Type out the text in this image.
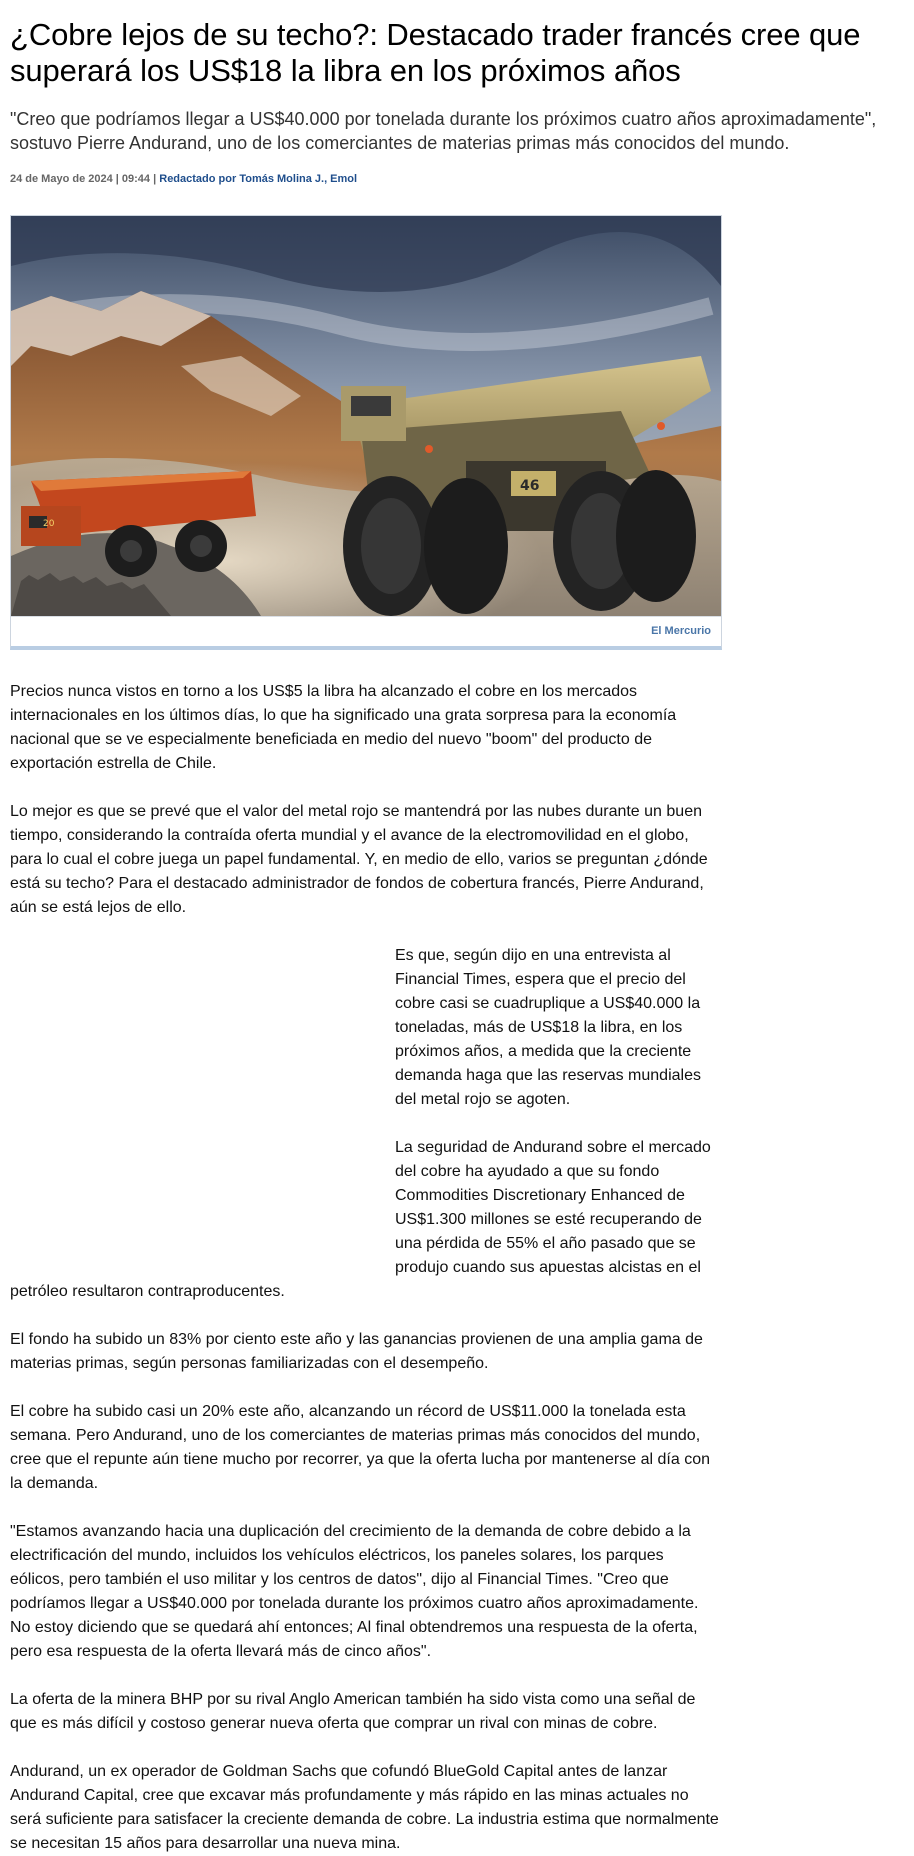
¿Cobre lejos de su techo?: Destacado trader francés cree que superará los US$18 la libra en los próximos años

"Creo que podríamos llegar a US$40.000 por tonelada durante los próximos cuatro años aproximadamente", sostuvo Pierre Andurand, uno de los comerciantes de materias primas más conocidos del mundo.

24 de Mayo de 2024 | 09:44 | Redactado por Tomás Molina J., Emol
20
46
El Mercurio

Precios nunca vistos en torno a los US$5 la libra ha alcanzado el cobre en los mercados internacionales en los últimos días, lo que ha significado una grata sorpresa para la economía nacional que se ve especialmente beneficiada en medio del nuevo "boom" del producto de exportación estrella de Chile.

Lo mejor es que se prevé que el valor del metal rojo se mantendrá por las nubes durante un buen tiempo, considerando la contraída oferta mundial y el avance de la electromovilidad en el globo, para lo cual el cobre juega un papel fundamental. Y, en medio de ello, varios se preguntan ¿dónde está su techo? Para el destacado administrador de fondos de cobertura francés, Pierre Andurand, aún se está lejos de ello.

Es que, según dijo en una entrevista al Financial Times, espera que el precio del cobre casi se cuadruplique a US$40.000 la toneladas, más de US$18 la libra, en los próximos años, a medida que la creciente demanda haga que las reservas mundiales del metal rojo se agoten.

La seguridad de Andurand sobre el mercado del cobre ha ayudado a que su fondo Commodities Discretionary Enhanced de US$1.300 millones se esté recuperando de una pérdida de 55% el año pasado que se produjo cuando sus apuestas alcistas en el petróleo resultaron contraproducentes.

El fondo ha subido un 83% por ciento este año y las ganancias provienen de una amplia gama de materias primas, según personas familiarizadas con el desempeño.

El cobre ha subido casi un 20% este año, alcanzando un récord de US$11.000 la tonelada esta semana. Pero Andurand, uno de los comerciantes de materias primas más conocidos del mundo, cree que el repunte aún tiene mucho por recorrer, ya que la oferta lucha por mantenerse al día con la demanda.

"Estamos avanzando hacia una duplicación del crecimiento de la demanda de cobre debido a la electrificación del mundo, incluidos los vehículos eléctricos, los paneles solares, los parques eólicos, pero también el uso militar y los centros de datos", dijo al Financial Times. "Creo que podríamos llegar a US$40.000 por tonelada durante los próximos cuatro años aproximadamente. No estoy diciendo que se quedará ahí entonces; Al final obtendremos una respuesta de la oferta, pero esa respuesta de la oferta llevará más de cinco años".

La oferta de la minera BHP por su rival Anglo American también ha sido vista como una señal de que es más difícil y costoso generar nueva oferta que comprar un rival con minas de cobre.

Andurand, un ex operador de Goldman Sachs que cofundó BlueGold Capital antes de lanzar Andurand Capital, cree que excavar más profundamente y más rápido en las minas actuales no será suficiente para satisfacer la creciente demanda de cobre. La industria estima que normalmente se necesitan 15 años para desarrollar una nueva mina.
